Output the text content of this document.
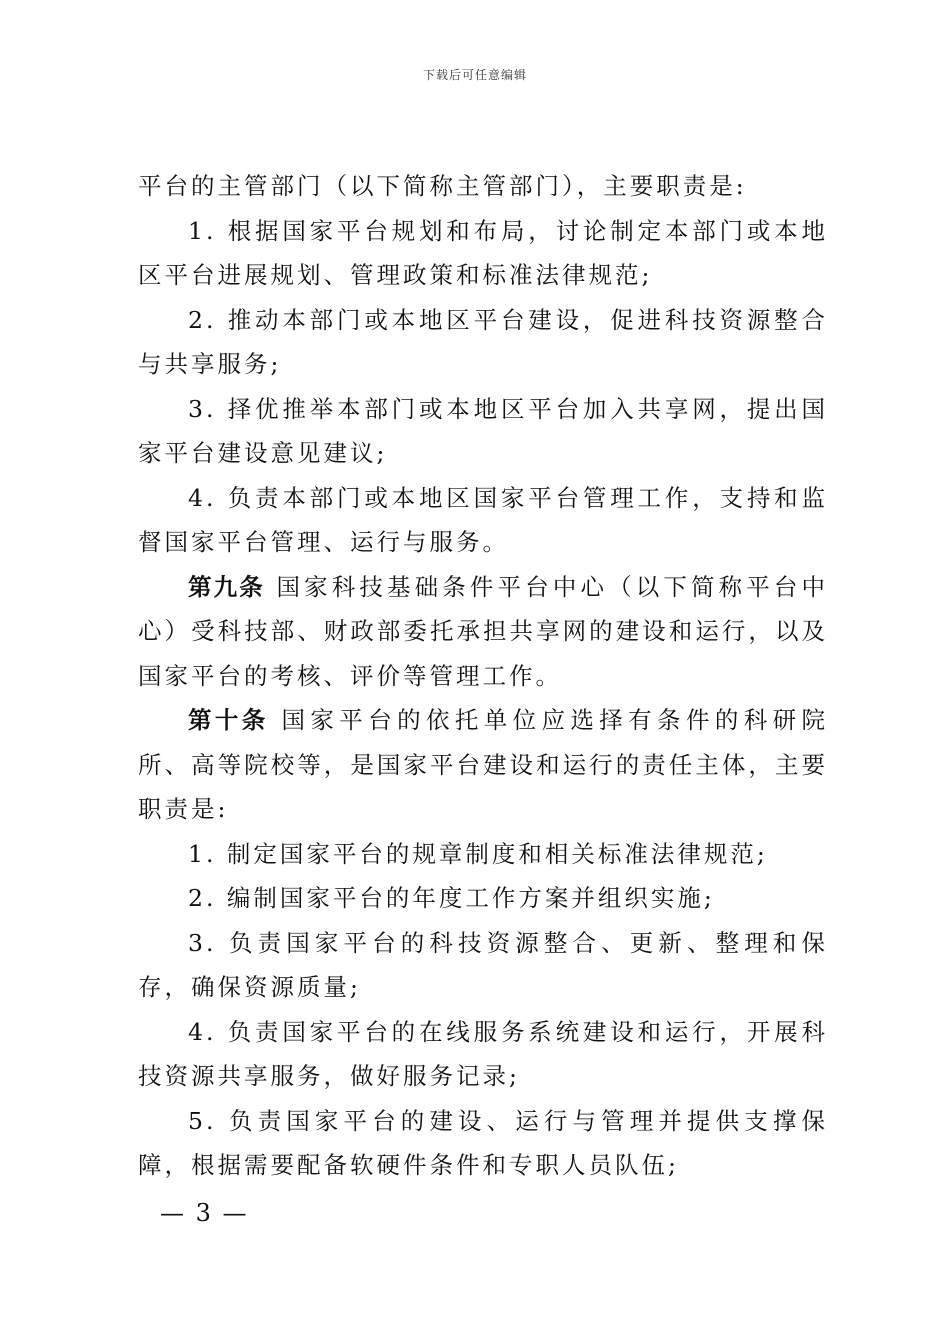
下载后可任意编辑

平台的主管部门（以下简称主管部门），主要职责是:

1. 根据国家平台规划和布局，讨论制定本部门或本地区平台进展规划、管理政策和标准法律规范;

2. 推动本部门或本地区平台建设，促进科技资源整合与共享服务;

3. 择优推举本部门或本地区平台加入共享网，提出国家平台建设意见建议;

4. 负责本部门或本地区国家平台管理工作，支持和监督国家平台管理、运行与服务。

第九条 国家科技基础条件平台中心（以下简称平台中心）受科技部、财政部委托承担共享网的建设和运行，以及国家平台的考核、评价等管理工作。

第十条 国家平台的依托单位应选择有条件的科研院所、高等院校等，是国家平台建设和运行的责任主体，主要职责是:

1. 制定国家平台的规章制度和相关标准法律规范;

2. 编制国家平台的年度工作方案并组织实施;

3. 负责国家平台的科技资源整合、更新、整理和保存，确保资源质量;

4. 负责国家平台的在线服务系统建设和运行，开展科技资源共享服务，做好服务记录;

5. 负责国家平台的建设、运行与管理并提供支撑保障，根据需要配备软硬件条件和专职人员队伍;

— 3 —
